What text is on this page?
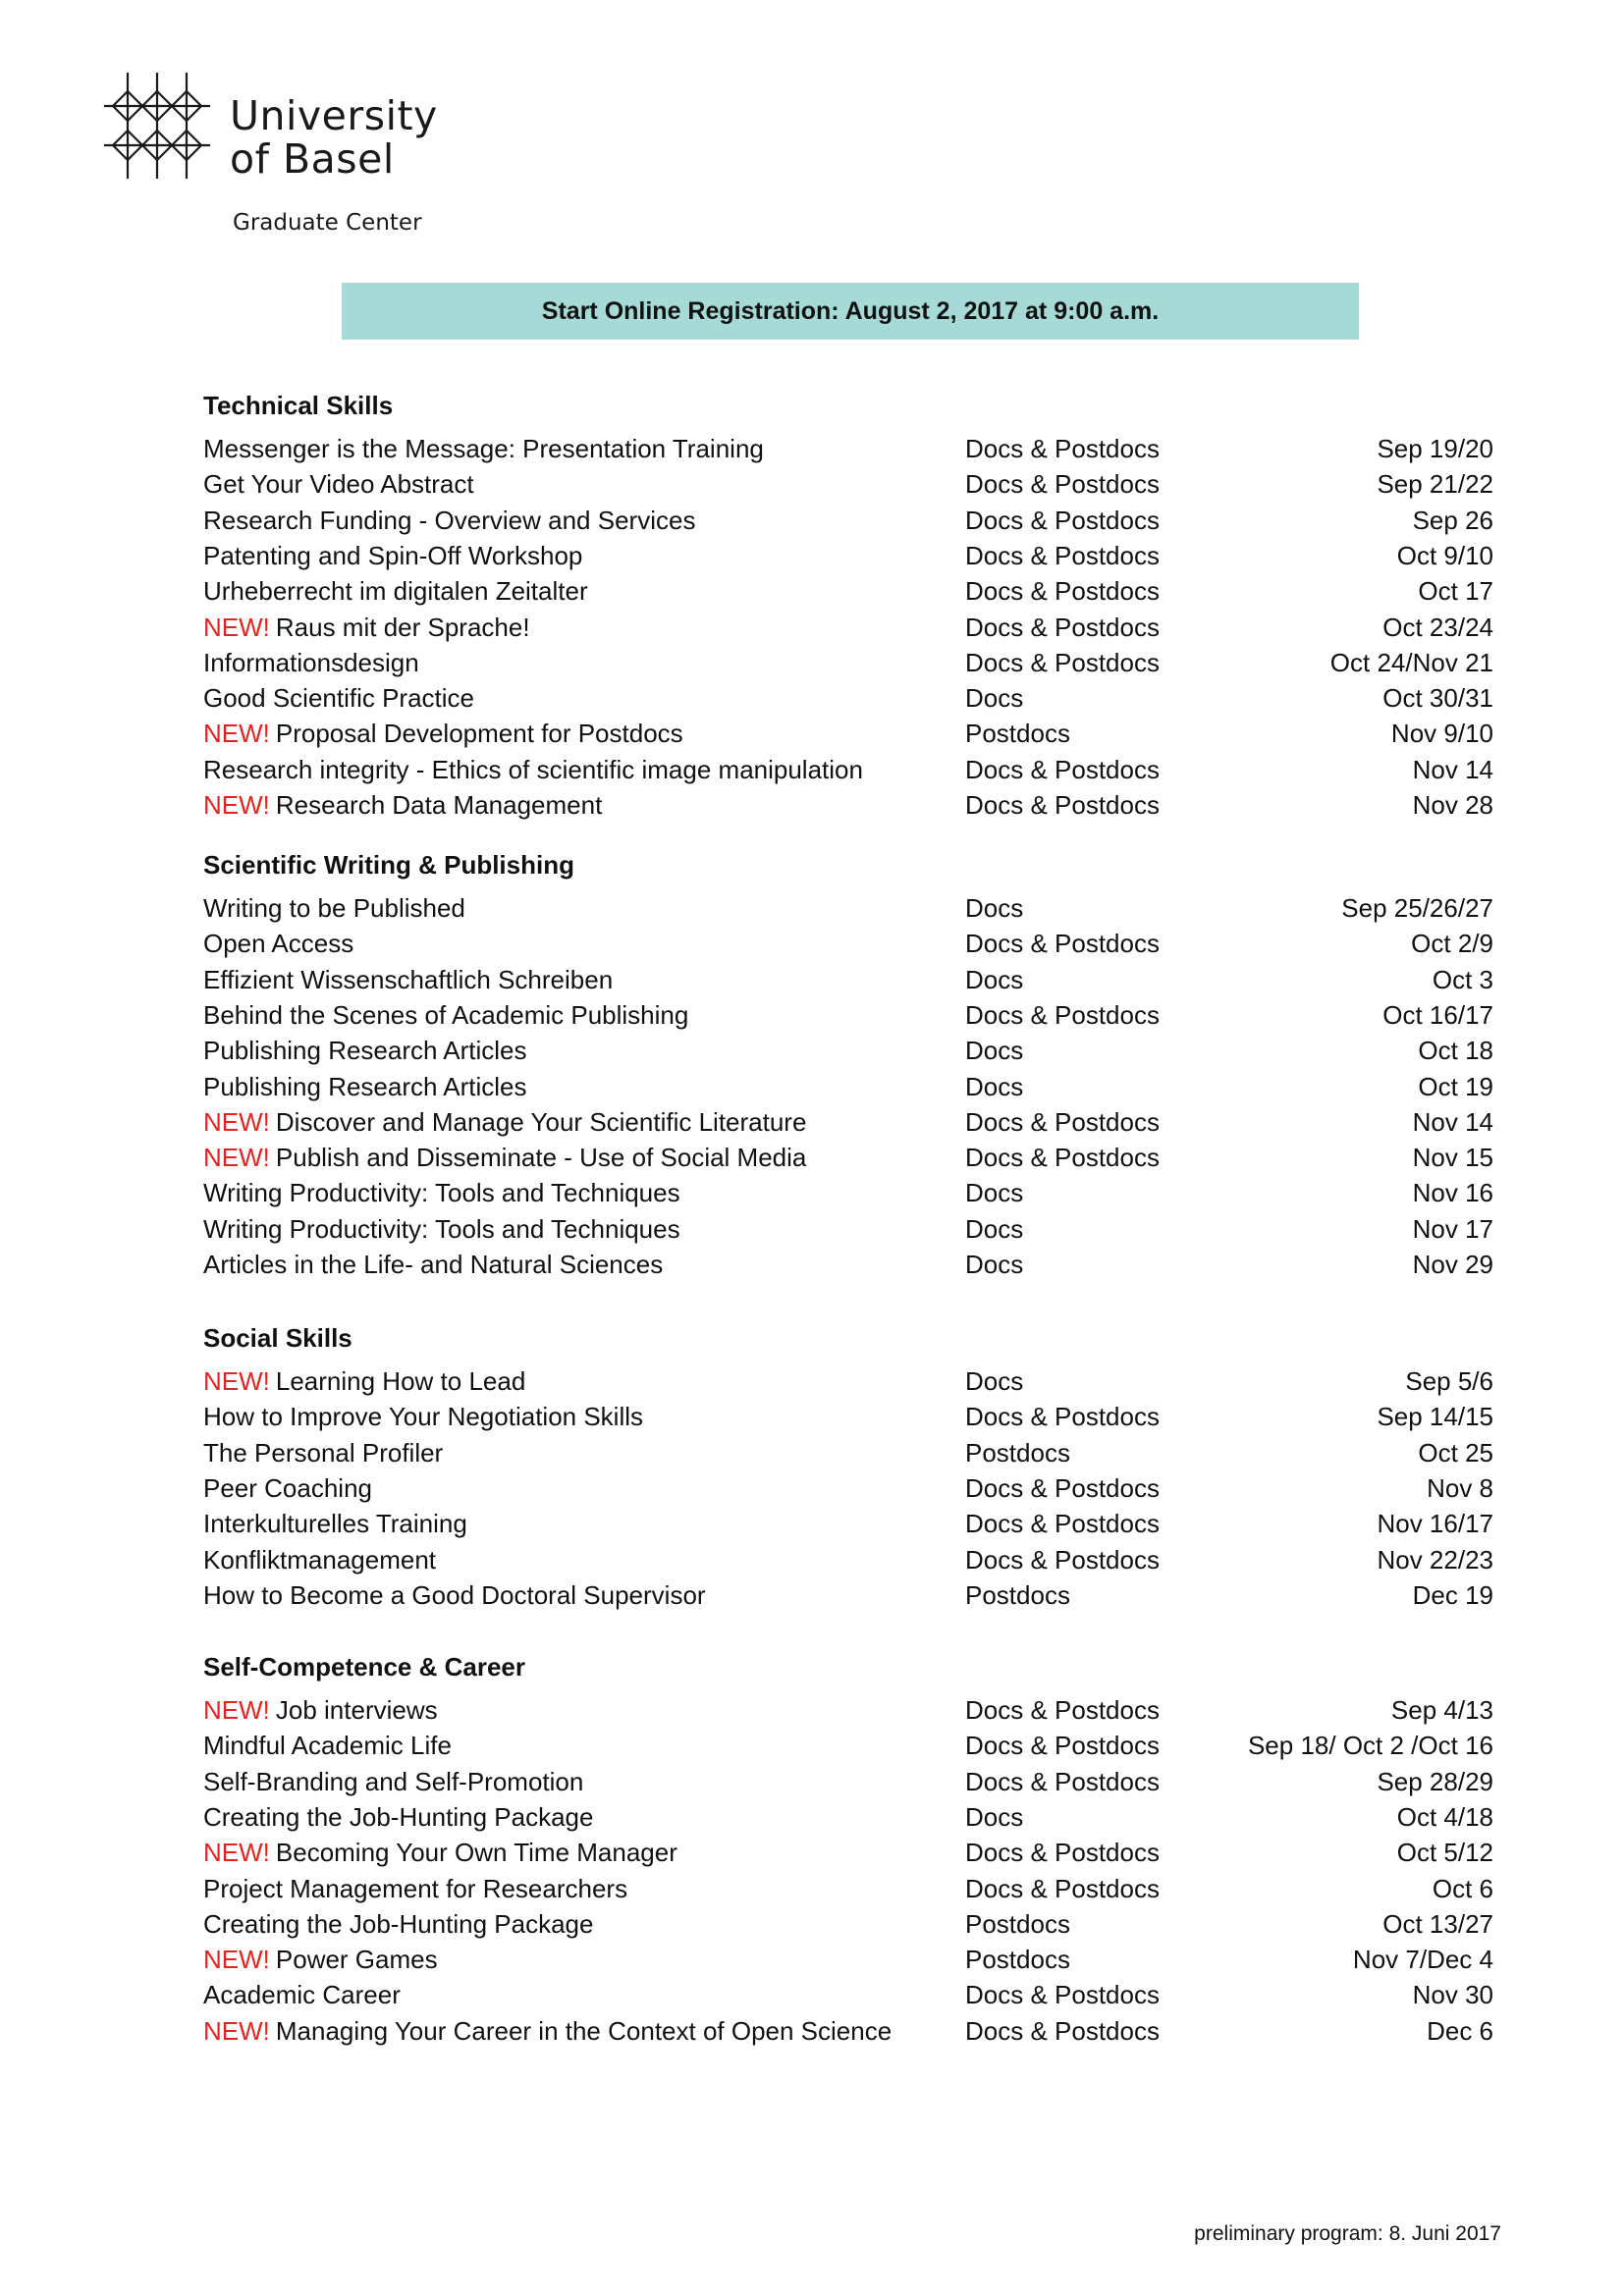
University
of Basel
Graduate Center
Start Online Registration: August 2, 2017 at 9:00 a.m.
Technical Skills
Messenger is the Message: Presentation Training	Docs & Postdocs	Sep 19/20
Get Your Video Abstract	Docs & Postdocs	Sep 21/22
Research Funding - Overview and Services	Docs & Postdocs	Sep 26
Patenting and Spin-Off Workshop	Docs & Postdocs	Oct 9/10
Urheberrecht im digitalen Zeitalter	Docs & Postdocs	Oct 17
NEW! Raus mit der Sprache!	Docs & Postdocs	Oct 23/24
Informationsdesign	Docs & Postdocs	Oct 24/Nov 21
Good Scientific Practice	Docs	Oct 30/31
NEW! Proposal Development for Postdocs	Postdocs	Nov 9/10
Research integrity - Ethics of scientific image manipulation	Docs & Postdocs	Nov 14
NEW! Research Data Management	Docs & Postdocs	Nov 28
Scientific Writing & Publishing
Writing to be Published	Docs	Sep 25/26/27
Open Access	Docs & Postdocs	Oct 2/9
Effizient Wissenschaftlich Schreiben	Docs	Oct 3
Behind the Scenes of Academic Publishing	Docs & Postdocs	Oct 16/17
Publishing Research Articles	Docs	Oct 18
Publishing Research Articles	Docs	Oct 19
NEW! Discover and Manage Your Scientific Literature	Docs & Postdocs	Nov 14
NEW! Publish and Disseminate - Use of Social Media	Docs & Postdocs	Nov 15
Writing Productivity: Tools and Techniques	Docs	Nov 16
Writing Productivity: Tools and Techniques	Docs	Nov 17
Articles in the Life- and Natural Sciences	Docs	Nov 29
Social Skills
NEW! Learning How to Lead	Docs	Sep 5/6
How to Improve Your Negotiation Skills	Docs & Postdocs	Sep 14/15
The Personal Profiler	Postdocs	Oct 25
Peer Coaching	Docs & Postdocs	Nov 8
Interkulturelles Training	Docs & Postdocs	Nov 16/17
Konfliktmanagement	Docs & Postdocs	Nov 22/23
How to Become a Good Doctoral Supervisor	Postdocs	Dec 19
Self-Competence & Career
NEW! Job interviews	Docs & Postdocs	Sep 4/13
Mindful Academic Life	Docs & Postdocs	Sep 18/ Oct 2 /Oct 16
Self-Branding and Self-Promotion	Docs & Postdocs	Sep 28/29
Creating the Job-Hunting Package	Docs	Oct 4/18
NEW! Becoming Your Own Time Manager	Docs & Postdocs	Oct 5/12
Project Management for Researchers	Docs & Postdocs	Oct 6
Creating the Job-Hunting Package	Postdocs	Oct 13/27
NEW! Power Games	Postdocs	Nov 7/Dec 4
Academic Career	Docs & Postdocs	Nov 30
NEW! Managing Your Career in the Context of Open Science	Docs & Postdocs	Dec 6
preliminary program: 8. Juni 2017
